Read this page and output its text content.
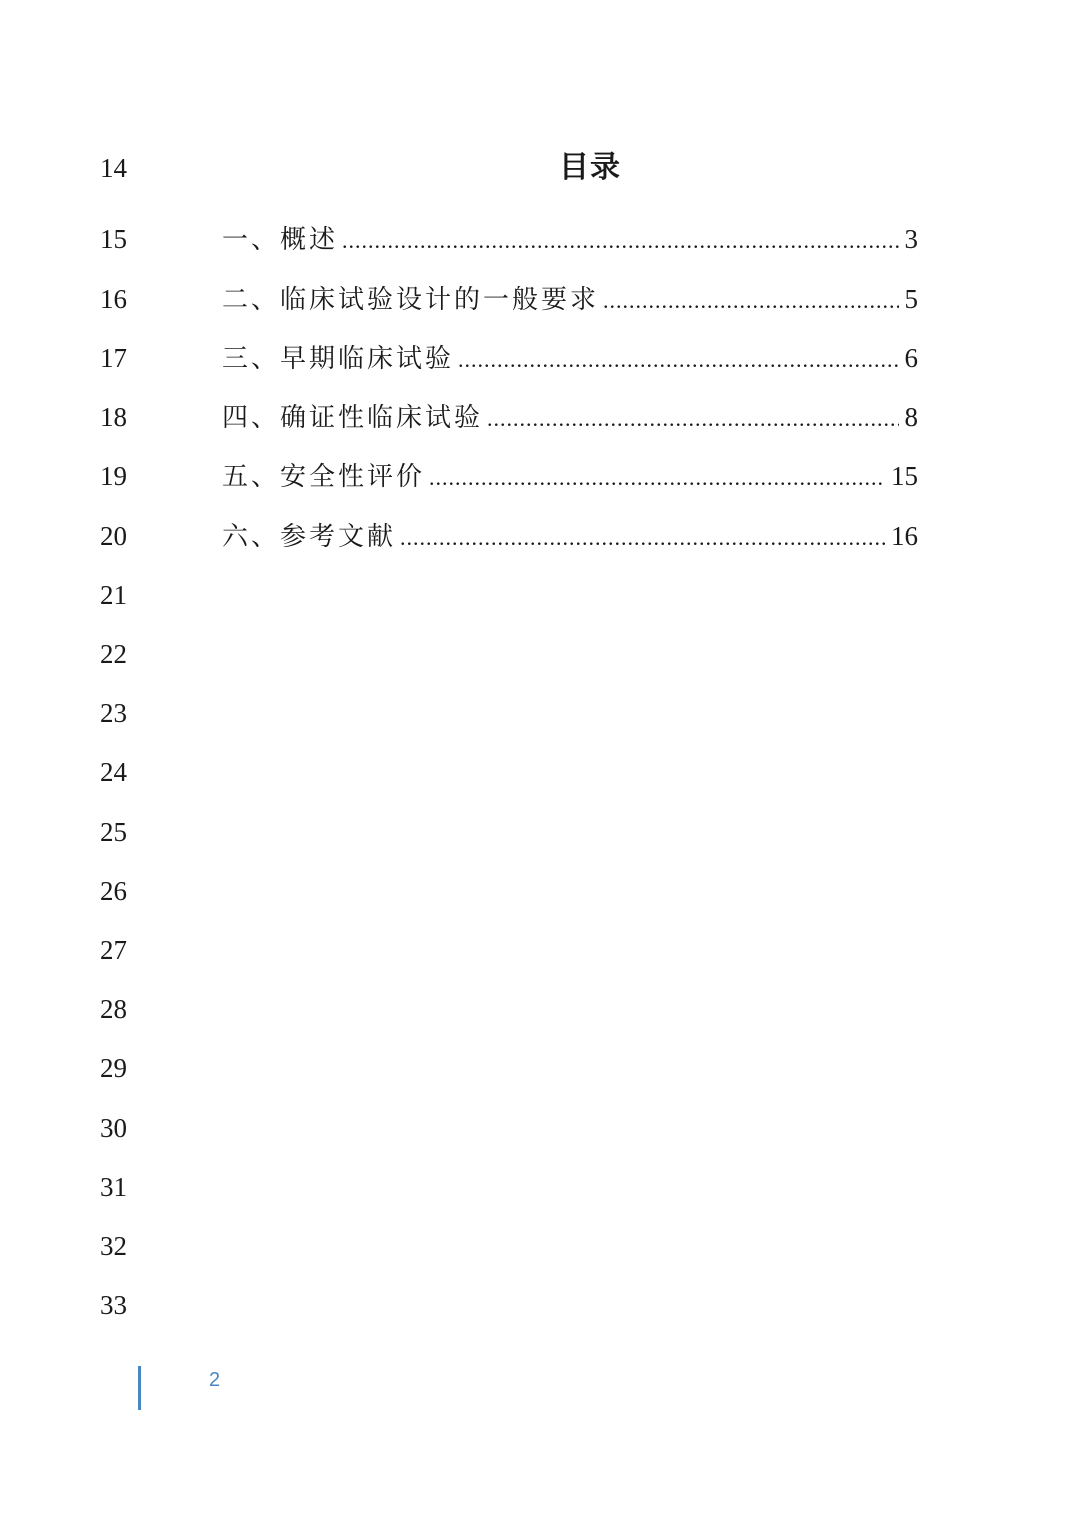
14
15
16
17
18
19
20
21
22
23
24
25
26
27
28
29
30
31
32
33
目录
一、概述 .....	3
二、临床试验设计的一般要求 .....	5
三、早期临床试验 .....	6
四、确证性临床试验 .....	8
五、安全性评价 .....	15
六、参考文献 .....	16
2
